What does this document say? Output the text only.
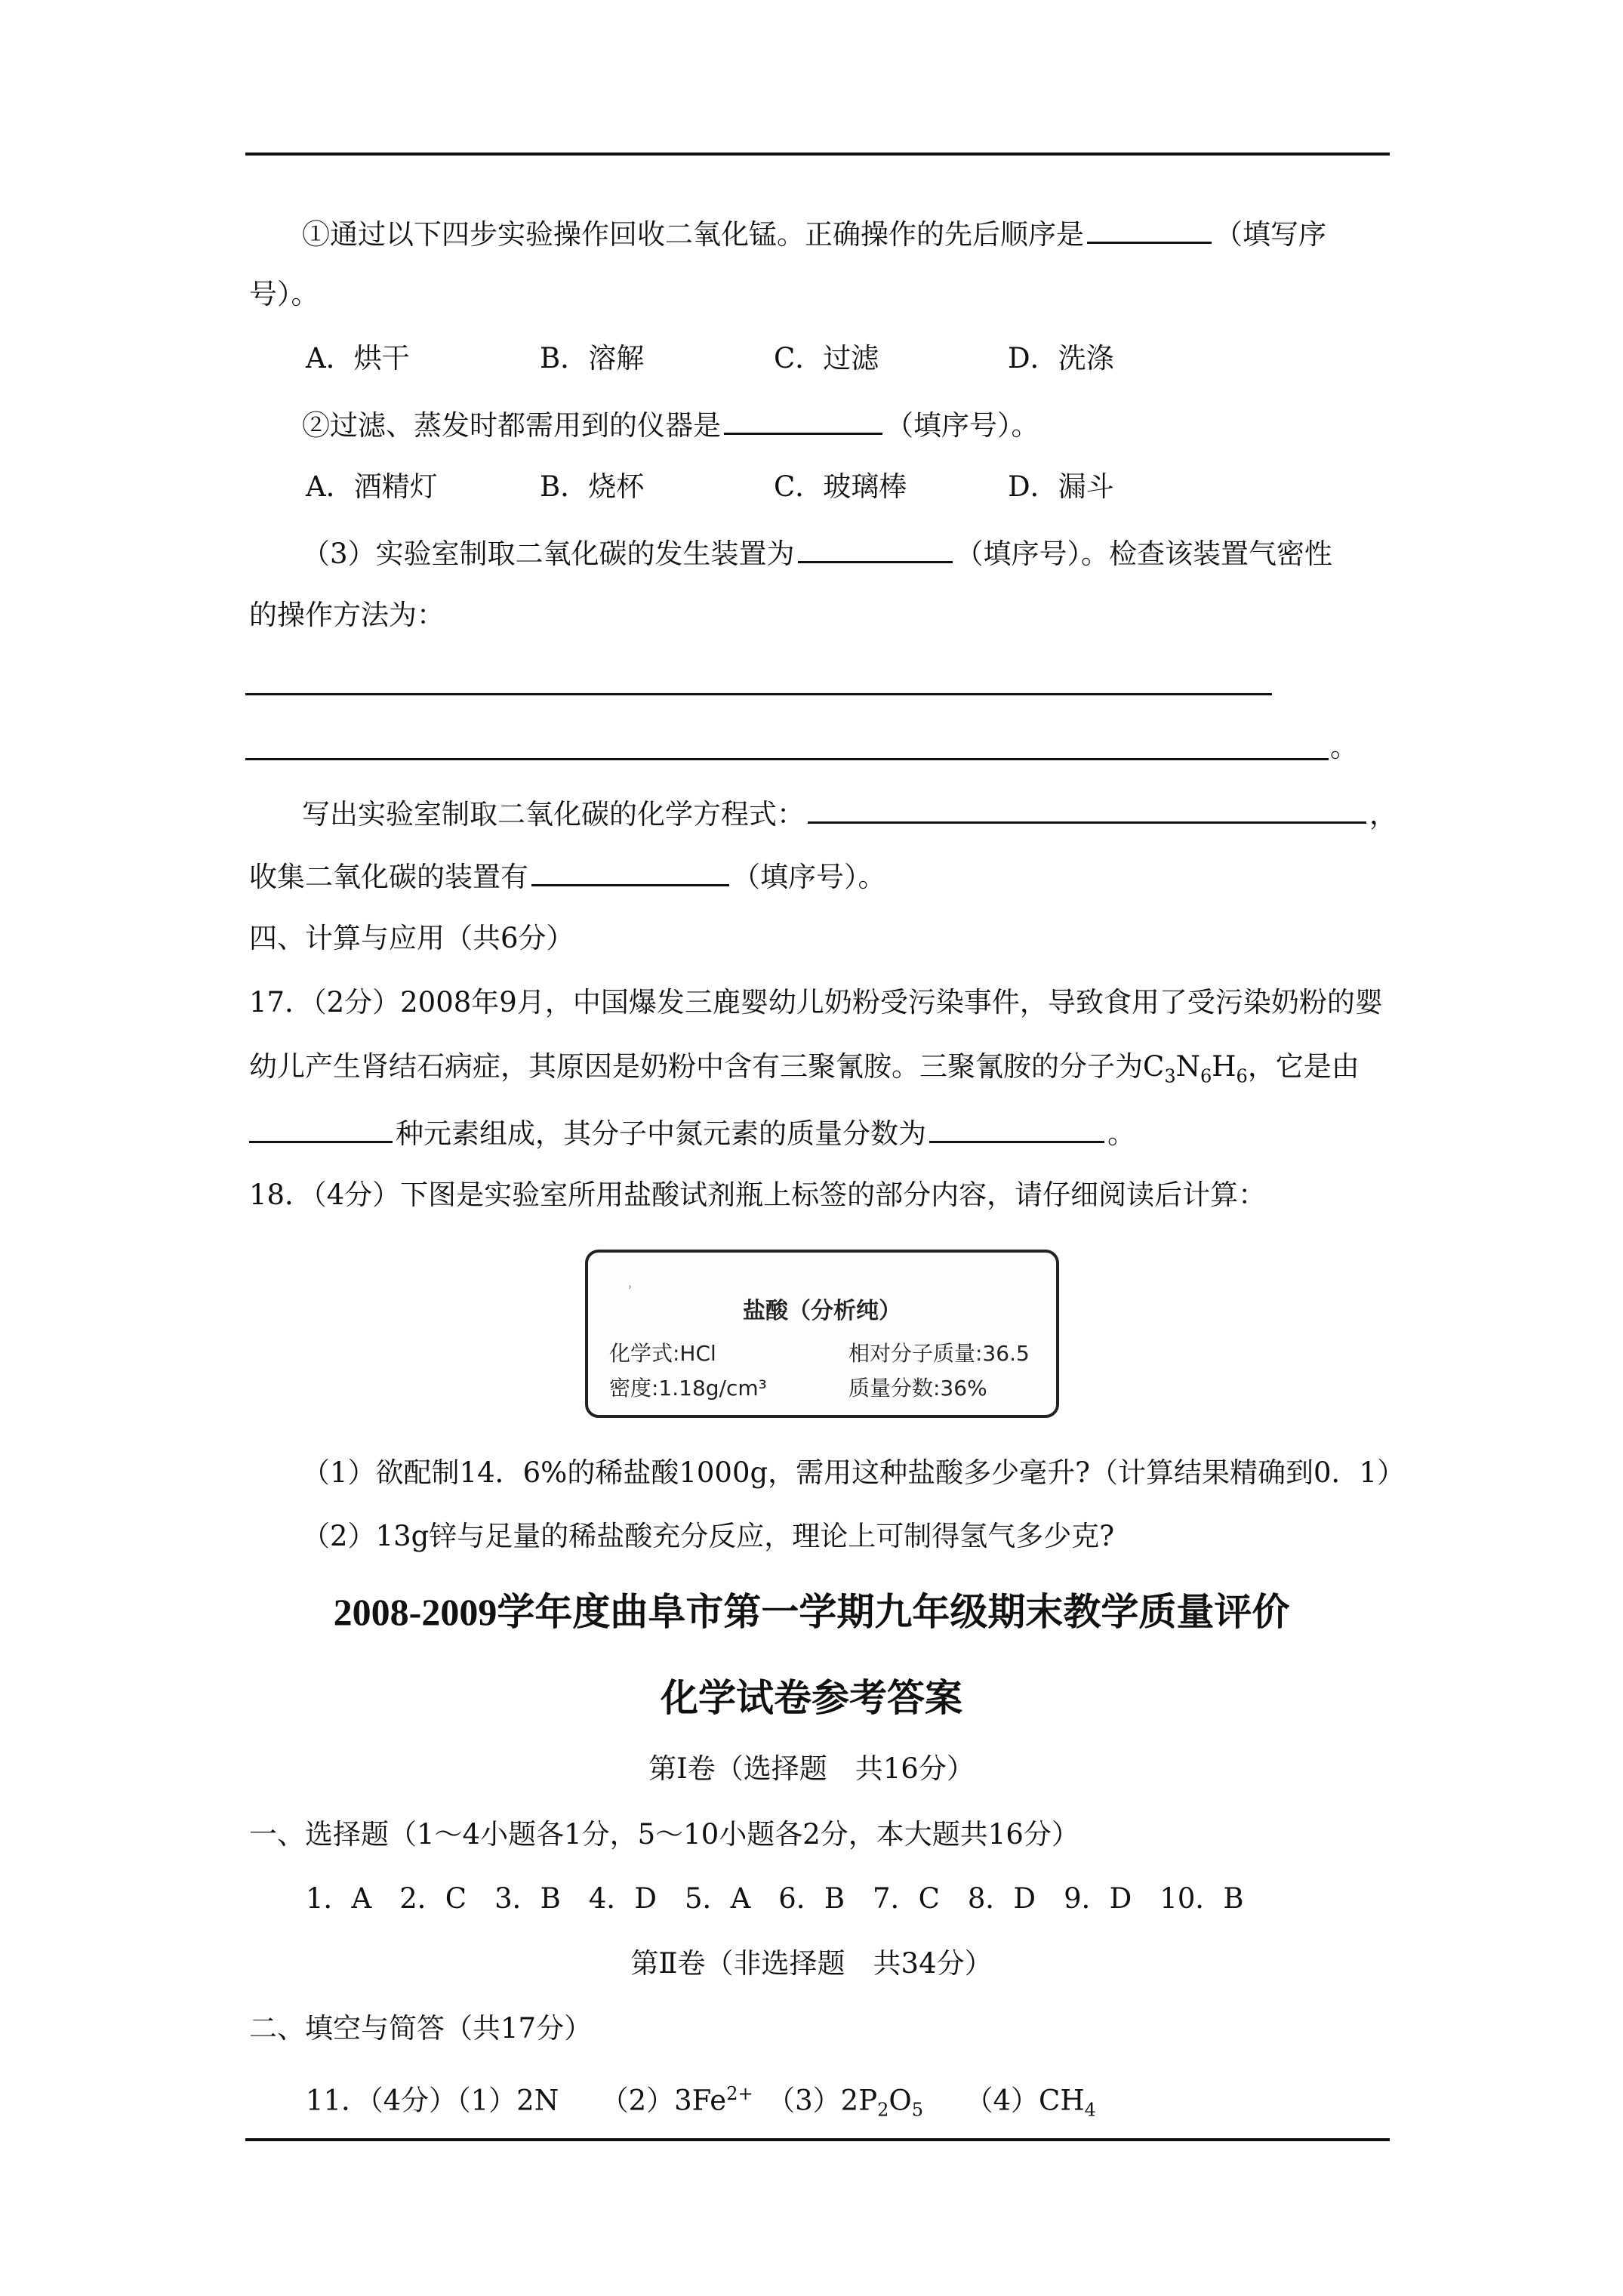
①通过以下四步实验操作回收二氧化锰。正确操作的先后顺序是	（填写序
号）。
A．烘干	B．溶解	C．过滤	D．洗涤
②过滤、蒸发时都需用到的仪器是	（填序号）。
A．酒精灯	B．烧杯	C．玻璃棒	D．漏斗
（3）实验室制取二氧化碳的发生装置为	（填序号）。检查该装置气密性
的操作方法为：
。
写出实验室制取二氧化碳的化学方程式：	，
收集二氧化碳的装置有	（填序号）。
四、计算与应用（共6分）
17．（2分）2008年9月，中国爆发三鹿婴幼儿奶粉受污染事件，导致食用了受污染奶粉的婴
幼儿产生肾结石病症，其原因是奶粉中含有三聚氰胺。三聚氰胺的分子为$C_3N_6H_6$，它是由
种元素组成，其分子中氮元素的质量分数为	。
18．（4分）下图是实验室所用盐酸试剂瓶上标签的部分内容，请仔细阅读后计算：
⸒
盐酸（分析纯）
化学式:HCl	相对分子质量:36.5
密度:1.18g/cm³	质量分数:36%
（1）欲配制14．6%的稀盐酸1000g，需用这种盐酸多少毫升?（计算结果精确到0．1）
（2）13g锌与足量的稀盐酸充分反应，理论上可制得氢气多少克?
2008-2009学年度曲阜市第一学期九年级期末教学质量评价
化学试卷参考答案
第Ⅰ卷（选择题　共16分）
一、选择题（1～4小题各1分，5～10小题各2分，本大题共16分）
1．A　2．C　3．B　4．D　5．A　6．B　7．C　8．D　9．D　10．B
第Ⅱ卷（非选择题　共34分）
二、填空与简答（共17分）
11．（4分）（1）2N　　$(2)3Fe^{2+}$　$(3)2P_2O_5$　　$(4)CH_4$
